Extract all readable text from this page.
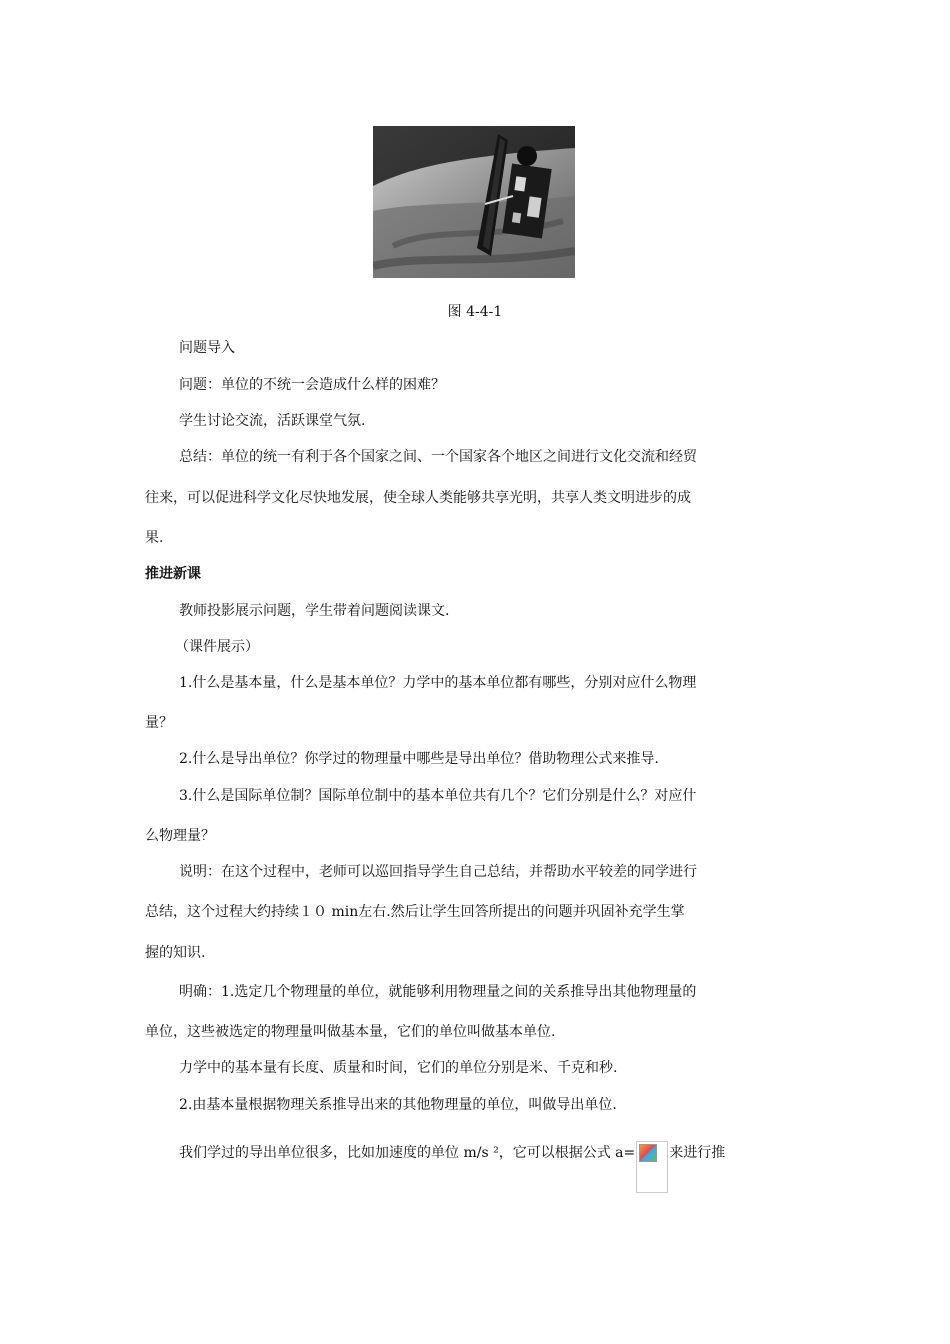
图 4-4-1
问题导入
问题：单位的不统一会造成什么样的困难？
学生讨论交流，活跃课堂气氛.
总结：单位的统一有利于各个国家之间、一个国家各个地区之间进行文化交流和经贸
往来，可以促进科学文化尽快地发展，使全球人类能够共享光明，共享人类文明进步的成
果.
推进新课
教师投影展示问题，学生带着问题阅读课文.
（课件展示）
1.什么是基本量，什么是基本单位？力学中的基本单位都有哪些，分别对应什么物理
量？
2.什么是导出单位？你学过的物理量中哪些是导出单位？借助物理公式来推导.
3.什么是国际单位制？国际单位制中的基本单位共有几个？它们分别是什么？对应什
么物理量？
说明：在这个过程中，老师可以巡回指导学生自己总结，并帮助水平较差的同学进行
总结，这个过程大约持续１０ min左右.然后让学生回答所提出的问题并巩固补充学生掌
握的知识.
明确：1.选定几个物理量的单位，就能够利用物理量之间的关系推导出其他物理量的
单位，这些被选定的物理量叫做基本量，它们的单位叫做基本单位.
力学中的基本量有长度、质量和时间，它们的单位分别是米、千克和秒.
2.由基本量根据物理关系推导出来的其他物理量的单位，叫做导出单位.
我们学过的导出单位很多，比如加速度的单位 m/s ²，它可以根据公式 a= 来进行推
